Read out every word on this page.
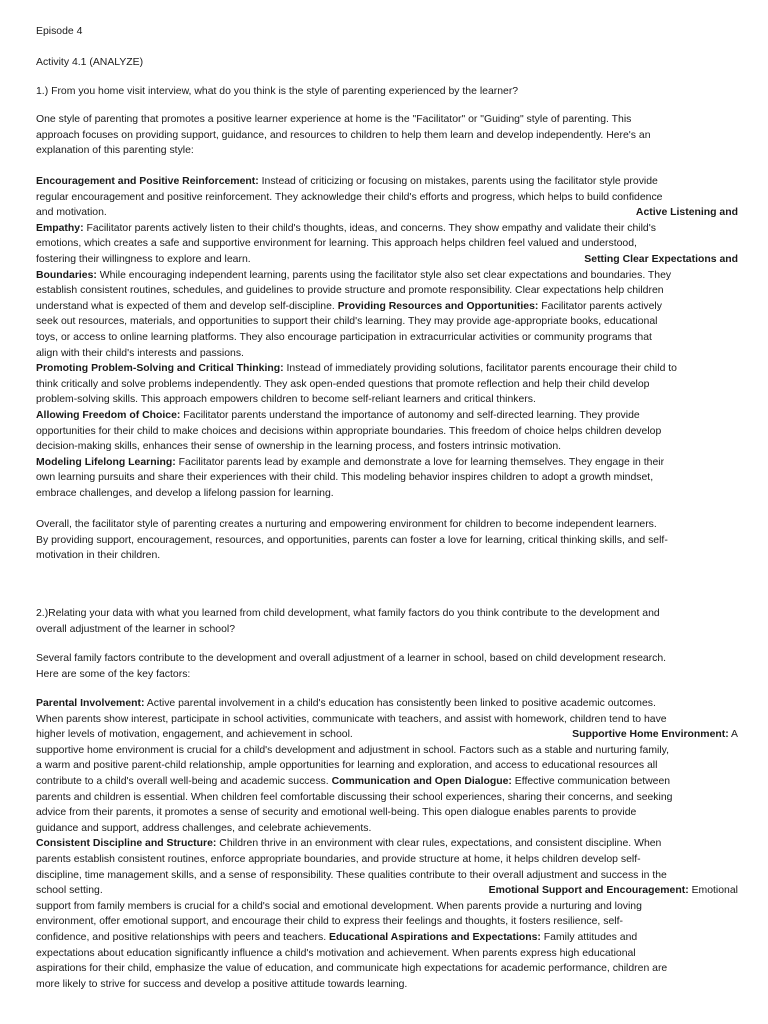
Episode 4
Activity 4.1 (ANALYZE)
1.) From you home visit interview, what do you think is the style of parenting experienced by the learner?
One style of parenting that promotes a positive learner experience at home is the "Facilitator" or "Guiding" style of parenting. This
approach focuses on providing support, guidance, and resources to children to help them learn and develop independently. Here's an
explanation of this parenting style:
Encouragement and Positive Reinforcement: Instead of criticizing or focusing on mistakes, parents using the facilitator style provide
regular encouragement and positive reinforcement. They acknowledge their child's efforts and progress, which helps to build confidence
and motivation.	Active Listening and
Empathy: Facilitator parents actively listen to their child's thoughts, ideas, and concerns. They show empathy and validate their child's
emotions, which creates a safe and supportive environment for learning. This approach helps children feel valued and understood,
fostering their willingness to explore and learn.	Setting Clear Expectations and
Boundaries: While encouraging independent learning, parents using the facilitator style also set clear expectations and boundaries. They
establish consistent routines, schedules, and guidelines to provide structure and promote responsibility. Clear expectations help children
understand what is expected of them and develop self-discipline. Providing Resources and Opportunities: Facilitator parents actively
seek out resources, materials, and opportunities to support their child's learning. They may provide age-appropriate books, educational
toys, or access to online learning platforms. They also encourage participation in extracurricular activities or community programs that
align with their child's interests and passions.
Promoting Problem-Solving and Critical Thinking: Instead of immediately providing solutions, facilitator parents encourage their child to
think critically and solve problems independently. They ask open-ended questions that promote reflection and help their child develop
problem-solving skills. This approach empowers children to become self-reliant learners and critical thinkers.
Allowing Freedom of Choice: Facilitator parents understand the importance of autonomy and self-directed learning. They provide
opportunities for their child to make choices and decisions within appropriate boundaries. This freedom of choice helps children develop
decision-making skills, enhances their sense of ownership in the learning process, and fosters intrinsic motivation.
Modeling Lifelong Learning: Facilitator parents lead by example and demonstrate a love for learning themselves. They engage in their
own learning pursuits and share their experiences with their child. This modeling behavior inspires children to adopt a growth mindset,
embrace challenges, and develop a lifelong passion for learning.
Overall, the facilitator style of parenting creates a nurturing and empowering environment for children to become independent learners.
By providing support, encouragement, resources, and opportunities, parents can foster a love for learning, critical thinking skills, and self-
motivation in their children.
2.)Relating your data with what you learned from child development, what family factors do you think contribute to the development and
overall adjustment of the learner in school?
Several family factors contribute to the development and overall adjustment of a learner in school, based on child development research.
Here are some of the key factors:
Parental Involvement: Active parental involvement in a child's education has consistently been linked to positive academic outcomes.
When parents show interest, participate in school activities, communicate with teachers, and assist with homework, children tend to have
higher levels of motivation, engagement, and achievement in school.	Supportive Home Environment: A
supportive home environment is crucial for a child's development and adjustment in school. Factors such as a stable and nurturing family,
a warm and positive parent-child relationship, ample opportunities for learning and exploration, and access to educational resources all
contribute to a child's overall well-being and academic success. Communication and Open Dialogue: Effective communication between
parents and children is essential. When children feel comfortable discussing their school experiences, sharing their concerns, and seeking
advice from their parents, it promotes a sense of security and emotional well-being. This open dialogue enables parents to provide
guidance and support, address challenges, and celebrate achievements.
Consistent Discipline and Structure: Children thrive in an environment with clear rules, expectations, and consistent discipline. When
parents establish consistent routines, enforce appropriate boundaries, and provide structure at home, it helps children develop self-
discipline, time management skills, and a sense of responsibility. These qualities contribute to their overall adjustment and success in the
school setting.	Emotional Support and Encouragement: Emotional
support from family members is crucial for a child's social and emotional development. When parents provide a nurturing and loving
environment, offer emotional support, and encourage their child to express their feelings and thoughts, it fosters resilience, self-
confidence, and positive relationships with peers and teachers. Educational Aspirations and Expectations: Family attitudes and
expectations about education significantly influence a child's motivation and achievement. When parents express high educational
aspirations for their child, emphasize the value of education, and communicate high expectations for academic performance, children are
more likely to strive for success and develop a positive attitude towards learning.
